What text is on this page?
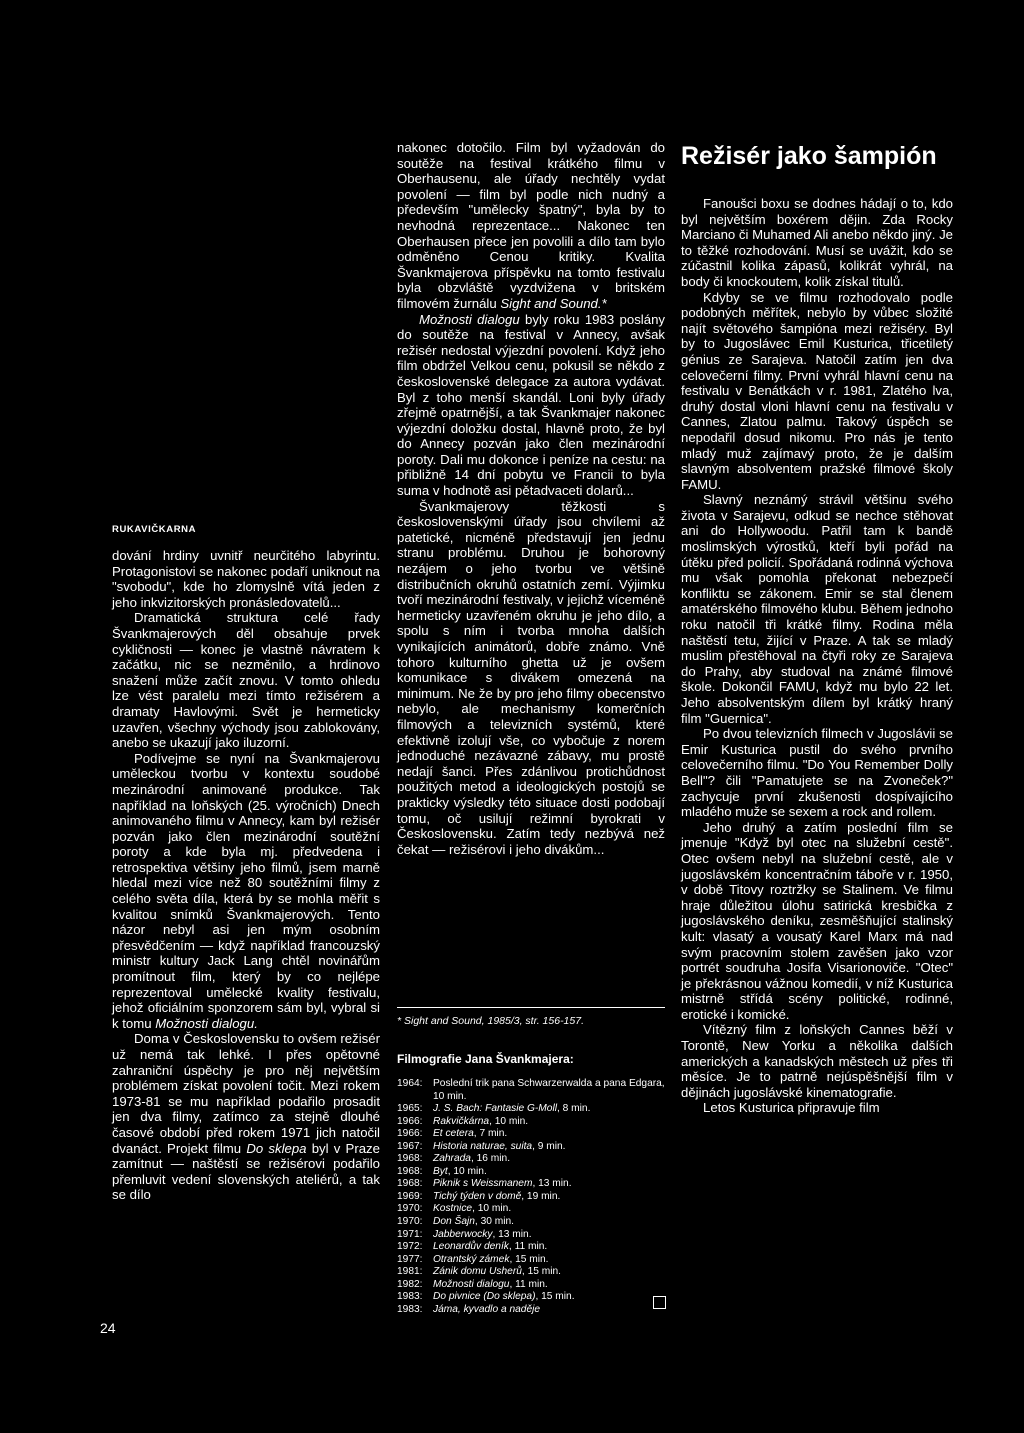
RUKAVIČKARNA

dování hrdiny uvnitř neurčitého labyrintu. Protagonistovi se nakonec podaří uniknout na "svobodu", kde ho zlomyslně vítá jeden z jeho inkvizitorských pronásledovatelů...

Dramatická struktura celé řady Švankmajerových děl obsahuje prvek cykličnosti — konec je vlastně návratem k začátku, nic se nezměnilo, a hrdinovo snažení může začít znovu. V tomto ohledu lze vést paralelu mezi tímto režisérem a dramaty Havlovými. Svět je hermeticky uzavřen, všechny východy jsou zablokovány, anebo se ukazují jako iluzorní.

Podívejme se nyní na Švankmajerovu uměleckou tvorbu v kontextu soudobé mezinárodní animované produkce. Tak například na loňských (25. výročních) Dnech animovaného filmu v Annecy, kam byl režisér pozván jako člen mezinárodní soutěžní poroty a kde byla mj. předvedena i retrospektiva většiny jeho filmů, jsem marně hledal mezi více než 80 soutěžními filmy z celého světa díla, která by se mohla měřit s kvalitou snímků Švankmajerových. Tento názor nebyl asi jen mým osobním přesvědčením — když například francouzský ministr kultury Jack Lang chtěl novinářům promítnout film, který by co nejlépe reprezentoval umělecké kvality festivalu, jehož oficiálním sponzorem sám byl, vybral si k tomu Možnosti dialogu.

Doma v Československu to ovšem režisér už nemá tak lehké. I přes opětovné zahraniční úspěchy je pro něj největším problémem získat povolení točit. Mezi rokem 1973-81 se mu například podařilo prosadit jen dva filmy, zatímco za stejně dlouhé časové období před rokem 1971 jich natočil dvanáct. Projekt filmu Do sklepa byl v Praze zamítnut — naštěstí se režisérovi podařilo přemluvit vedení slovenských ateliérů, a tak se dílo

24

nakonec dotočilo. Film byl vyžadován do soutěže na festival krátkého filmu v Oberhausenu, ale úřady nechtěly vydat povolení — film byl podle nich nudný a především "umělecky špatný", byla by to nevhodná reprezentace... Nakonec ten Oberhausen přece jen povolili a dílo tam bylo odměněno Cenou kritiky. Kvalita Švankmajerova příspěvku na tomto festivalu byla obzvláště vyzdvižena v britském filmovém žurnálu Sight and Sound.*

Možnosti dialogu byly roku 1983 poslány do soutěže na festival v Annecy, avšak režisér nedostal výjezdní povolení. Když jeho film obdržel Velkou cenu, pokusil se někdo z československé delegace za autora vydávat. Byl z toho menší skandál. Loni byly úřady zřejmě opatrnější, a tak Švankmajer nakonec výjezdní doložku dostal, hlavně proto, že byl do Annecy pozván jako člen mezinárodní poroty. Dali mu dokonce i peníze na cestu: na přibližně 14 dní pobytu ve Francii to byla suma v hodnotě asi pětadvaceti dolarů...

Švankmajerovy těžkosti s československými úřady jsou chvílemi až patetické, nicméně představují jen jednu stranu problému. Druhou je bohorovný nezájem o jeho tvorbu ve většině distribučních okruhů ostatních zemí. Výjimku tvoří mezinárodní festivaly, v jejichž víceméně hermeticky uzavřeném okruhu je jeho dílo, a spolu s ním i tvorba mnoha dalších vynikajících animátorů, dobře známo. Vně tohoro kulturního ghetta už je ovšem komunikace s divákem omezená na minimum. Ne že by pro jeho filmy obecenstvo nebylo, ale mechanismy komerčních filmových a televizních systémů, které efektivně izolují vše, co vybočuje z norem jednoduché nezávazné zábavy, mu prostě nedají šanci. Přes zdánlivou protichůdnost použitých metod a ideologických postojů se prakticky výsledky této situace dosti podobají tomu, oč usilují režimní byrokrati v Československu. Zatím tedy nezbývá než čekat — režisérovi i jeho divákům...

* Sight and Sound, 1985/3, str. 156-157.
Filmografie Jana Švankmajera:
1964:	Poslední trik pana Schwarzerwalda a pana Edgara, 10 min.
1965:	J. S. Bach: Fantasie G-Moll, 8 min.
1966:	Rakvičkárna, 10 min.
1966:	Et cetera, 7 min.
1967:	Historia naturae, suita, 9 min.
1968:	Zahrada, 16 min.
1968:	Byt, 10 min.
1968:	Piknik s Weissmanem, 13 min.
1969:	Tichý týden v domě, 19 min.
1970:	Kostnice, 10 min.
1970:	Don Šajn, 30 min.
1971:	Jabberwocky, 13 min.
1972:	Leonardův deník, 11 min.
1977:	Otrantský zámek, 15 min.
1981:	Zánik domu Usherů, 15 min.
1982:	Možnosti dialogu, 11 min.
1983:	Do pivnice (Do sklepa), 15 min.
1983:	Jáma, kyvadlo a naděje
Režisér jako šampión

Fanoušci boxu se dodnes hádají o to, kdo byl největším boxérem dějin. Zda Rocky Marciano či Muhamed Ali anebo někdo jiný. Je to těžké rozhodování. Musí se uvážit, kdo se zúčastnil kolika zápasů, kolikrát vyhrál, na body či knockoutem, kolik získal titulů.

Kdyby se ve filmu rozhodovalo podle podobných měřítek, nebylo by vůbec složité najít světového šampióna mezi režiséry. Byl by to Jugoslávec Emil Kusturica, třicetiletý génius ze Sarajeva. Natočil zatím jen dva celovečerní filmy. První vyhrál hlavní cenu na festivalu v Benátkách v r. 1981, Zlatého lva, druhý dostal vloni hlavní cenu na festivalu v Cannes, Zlatou palmu. Takový úspěch se nepodařil dosud nikomu. Pro nás je tento mladý muž zajímavý proto, že je dalším slavným absolventem pražské filmové školy FAMU.

Slavný neznámý strávil většinu svého života v Sarajevu, odkud se nechce stěhovat ani do Hollywoodu. Patřil tam k bandě moslimských výrostků, kteří byli pořád na útěku před policií. Spořádaná rodinná výchova mu však pomohla překonat nebezpečí konfliktu se zákonem. Emir se stal členem amatérského filmového klubu. Během jednoho roku natočil tři krátké filmy. Rodina měla naštěstí tetu, žijící v Praze. A tak se mladý muslim přestěhoval na čtyři roky ze Sarajeva do Prahy, aby studoval na známé filmové škole. Dokončil FAMU, když mu bylo 22 let. Jeho absolventským dílem byl krátký hraný film "Guernica".

Po dvou televizních filmech v Jugoslávii se Emir Kusturica pustil do svého prvního celovečerního filmu. "Do You Remember Dolly Bell"? čili "Pamatujete se na Zvoneček?" zachycuje první zkušenosti dospívajícího mladého muže se sexem a rock and rollem.

Jeho druhý a zatím poslední film se jmenuje "Když byl otec na služební cestě". Otec ovšem nebyl na služební cestě, ale v jugoslávském koncentračním táboře v r. 1950, v době Titovy roztržky se Stalinem. Ve filmu hraje důležitou úlohu satirická kresbička z jugoslávského deníku, zesměšňující stalinský kult: vlasatý a vousatý Karel Marx má nad svým pracovním stolem zavěšen jako vzor portrét soudruha Josifa Visarionoviče. "Otec" je překrásnou vážnou komedií, v níž Kusturica mistrně střídá scény politické, rodinné, erotické i komické.

Vítězný film z loňských Cannes běží v Torontě, New Yorku a několika dalších amerických a kanadských městech už přes tři měsíce. Je to patrně nejúspěšnější film v dějinách jugoslávské kinematografie.

Letos Kusturica připravuje film
